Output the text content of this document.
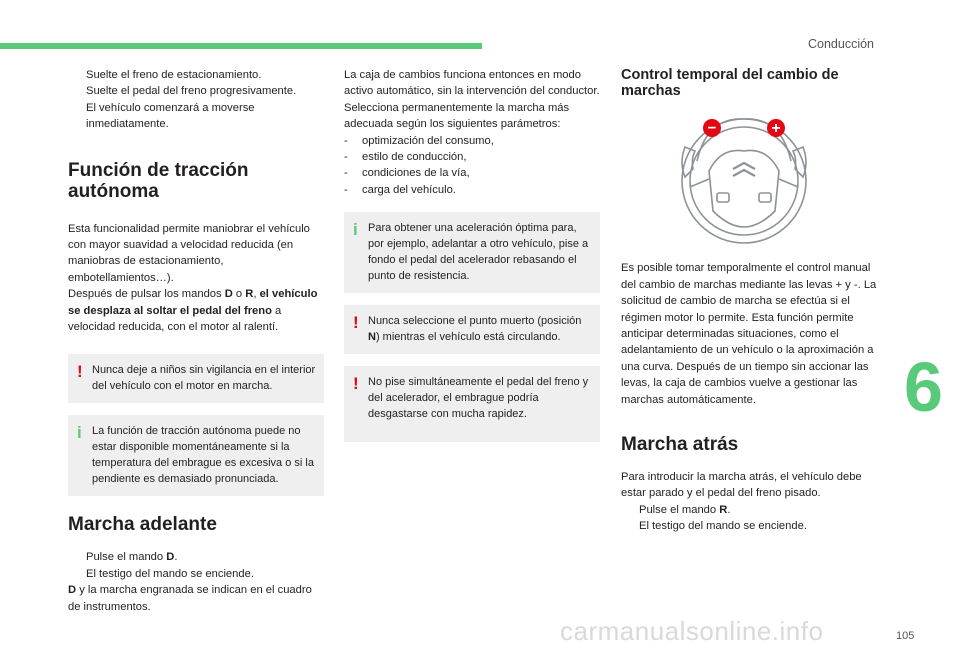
Conducción
6
105
carmanualsonline.info

Suelte el freno de estacionamiento.

Suelte el pedal del freno progresivamente.

El vehículo comenzará a moverse inmediatamente.

Función de tracción autónoma

Esta funcionalidad permite maniobrar el vehículo con mayor suavidad a velocidad reducida (en maniobras de estacionamiento, embotellamientos…).

Después de pulsar los mandos D o R, el vehículo se desplaza al soltar el pedal del freno a velocidad reducida, con el motor al ralentí.

! Nunca deje a niños sin vigilancia en el interior del vehículo con el motor en marcha.
i La función de tracción autónoma puede no estar disponible momentáneamente si la temperatura del embrague es excesiva o si la pendiente es demasiado pronunciada.
Marcha adelante

Pulse el mando D.

El testigo del mando se enciende.

D y la marcha engranada se indican en el cuadro de instrumentos.

La caja de cambios funciona entonces en modo activo automático, sin la intervención del conductor. Selecciona permanentemente la marcha más adecuada según los siguientes parámetros:

- optimización del consumo,

- estilo de conducción,

- condiciones de la vía,

- carga del vehículo.

i Para obtener una aceleración óptima para, por ejemplo, adelantar a otro vehículo, pise a fondo el pedal del acelerador rebasando el punto de resistencia.
! Nunca seleccione el punto muerto (posición N) mientras el vehículo está circulando.
! No pise simultáneamente el pedal del freno y del acelerador, el embrague podría desgastarse con mucha rapidez.
Control temporal del cambio de marchas
−	+

Es posible tomar temporalmente el control manual del cambio de marchas mediante las levas + y -. La solicitud de cambio de marcha se efectúa si el régimen motor lo permite. Esta función permite anticipar determinadas situaciones, como el adelantamiento de un vehículo o la aproximación a una curva. Después de un tiempo sin accionar las levas, la caja de cambios vuelve a gestionar las marchas automáticamente.

Marcha atrás

Para introducir la marcha atrás, el vehículo debe estar parado y el pedal del freno pisado.

Pulse el mando R.

El testigo del mando se enciende.
